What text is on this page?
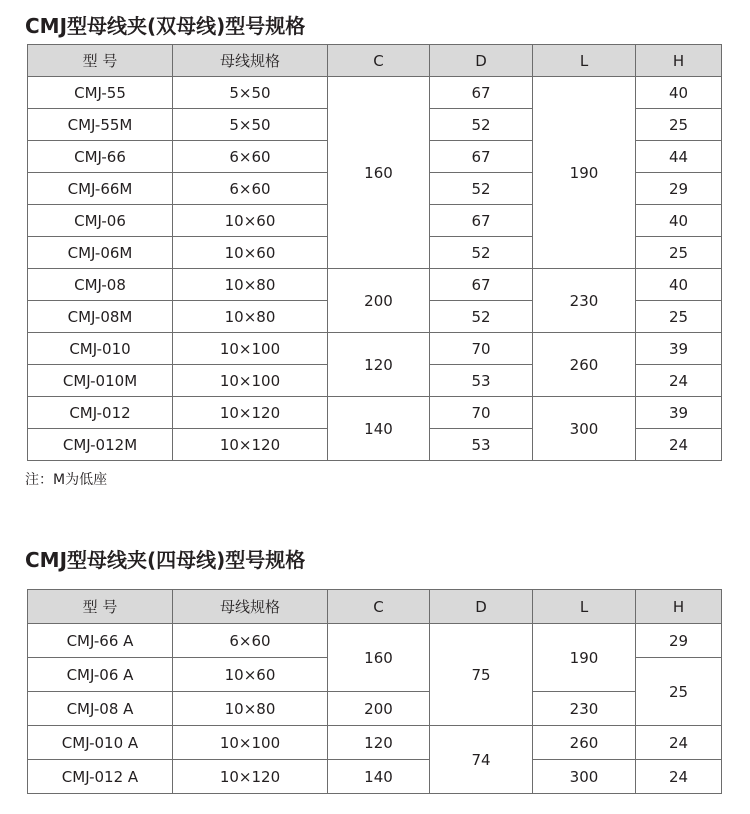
CMJ型母线夹(双母线)型号规格
型 号	母线规格	C	D	L	H
CMJ-55	5×50	160	67	190	40
CMJ-55M	5×50		52		25
CMJ-66	6×60		67		44
CMJ-66M	6×60		52		29
CMJ-06	10×60		67		40
CMJ-06M	10×60		52		25
CMJ-08	10×80	200	67	230	40
CMJ-08M	10×80		52		25
CMJ-010	10×100	120	70	260	39
CMJ-010M	10×100		53		24
CMJ-012	10×120	140	70	300	39
CMJ-012M	10×120		53		24

注：M为低座

CMJ型母线夹(四母线)型号规格
型 号	母线规格	C	D	L	H
CMJ-66 A	6×60	160	75	190	29
CMJ-06 A	10×60				25
CMJ-08 A	10×80	200		230	
CMJ-010 A	10×100	120	74	260	24
CMJ-012 A	10×120	140		300	24
